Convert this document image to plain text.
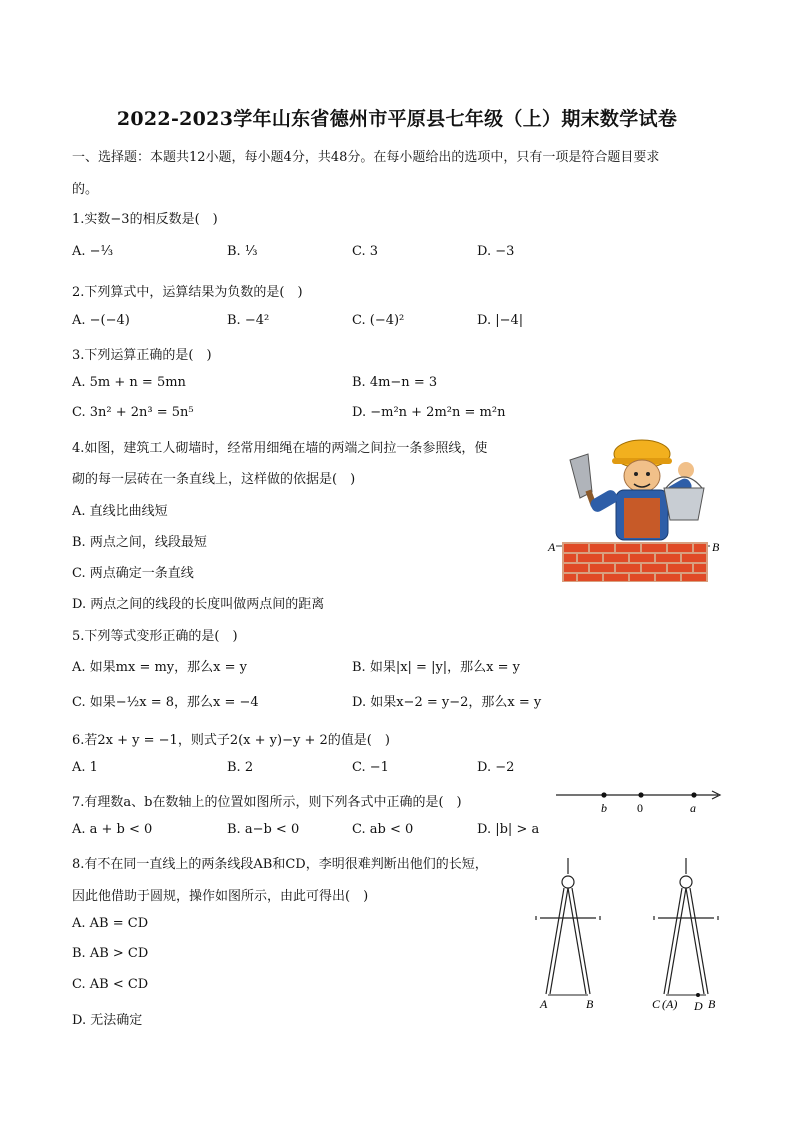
2022-2023学年山东省德州市平原县七年级（上）期末数学试卷
一、选择题：本题共12小题，每小题4分，共48分。在每小题给出的选项中，只有一项是符合题目要求
的。
1.实数−3的相反数是(　)
A. −⅓	B. ⅓	C. 3	D. −3
2.下列算式中，运算结果为负数的是(　)
A. −(−4)	B. −4²	C. (−4)²	D. |−4|
3.下列运算正确的是(　)
A. 5m + n = 5mn	B. 4m−n = 3
C. 3n² + 2n³ = 5n⁵	D. −m²n + 2m²n = m²n
4.如图，建筑工人砌墙时，经常用细绳在墙的两端之间拉一条参照线，使
砌的每一层砖在一条直线上，这样做的依据是(　)
A. 直线比曲线短
B. 两点之间，线段最短
C. 两点确定一条直线
D. 两点之间的线段的长度叫做两点间的距离
A	B
5.下列等式变形正确的是(　)
A. 如果mx = my，那么x = y	B. 如果|x| = |y|，那么x = y
C. 如果−½x = 8，那么x = −4	D. 如果x−2 = y−2，那么x = y
6.若2x + y = −1，则式子2(x + y)−y + 2的值是(　)
A. 1	B. 2	C. −1	D. −2
7.有理数a、b在数轴上的位置如图所示，则下列各式中正确的是(　)
A. a + b < 0	B. a−b < 0	C. ab < 0	D. |b| > a
b	0	a
8.有不在同一直线上的两条线段AB和CD，李明很难判断出他们的长短，
因此他借助于圆规，操作如图所示，由此可得出(　)
A. AB = CD
B. AB > CD
C. AB < CD
D. 无法确定
A	B	C (A) D B
